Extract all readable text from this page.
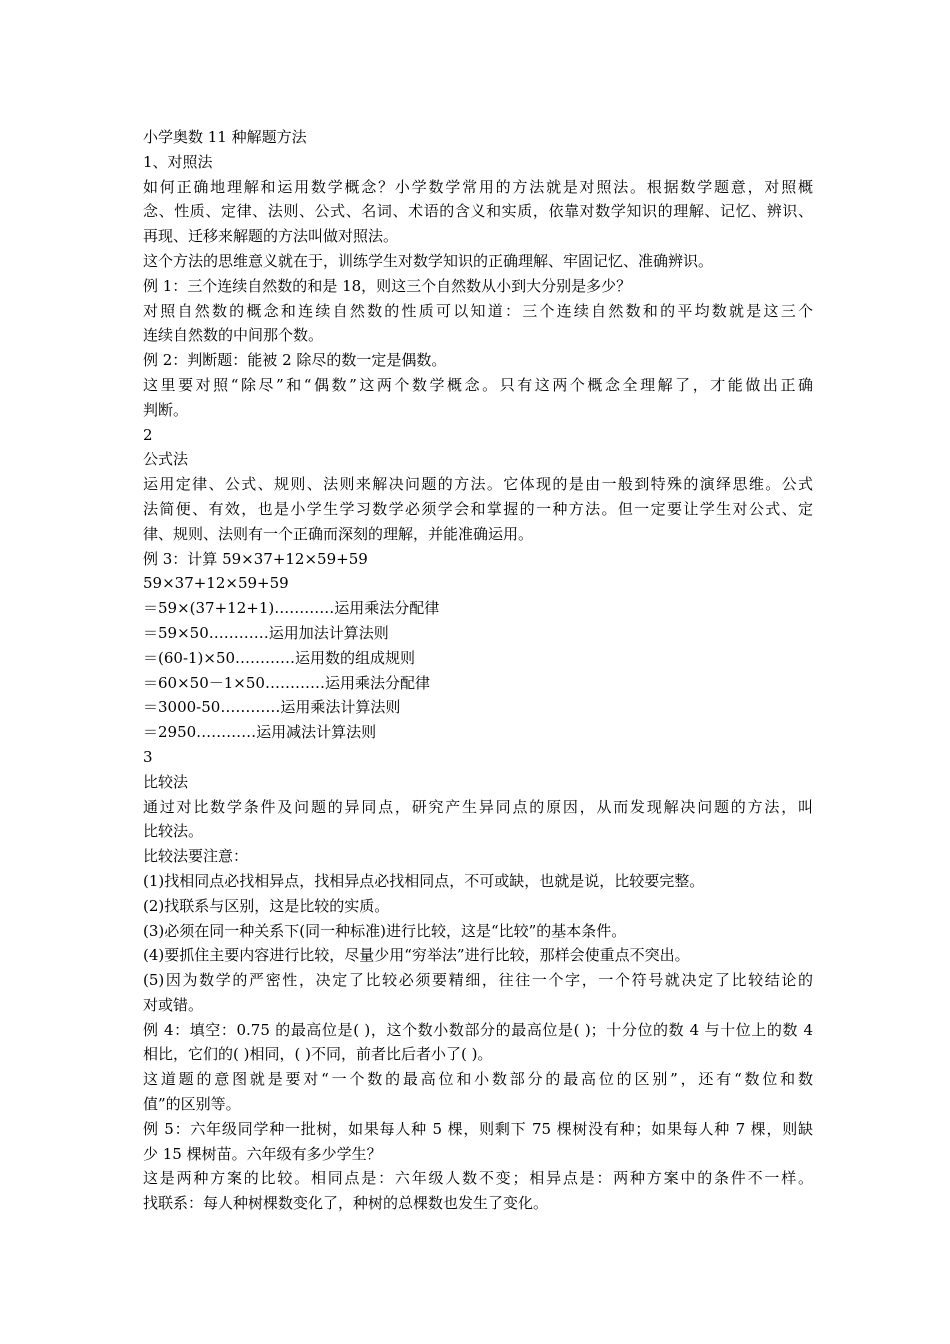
小学奥数 11 种解题方法
1、对照法
如何正确地理解和运用数学概念？小学数学常用的方法就是对照法。根据数学题意，对照概
念、性质、定律、法则、公式、名词、术语的含义和实质，依靠对数学知识的理解、记忆、辨识、
再现、迁移来解题的方法叫做对照法。
这个方法的思维意义就在于，训练学生对数学知识的正确理解、牢固记忆、准确辨识。
例 1：三个连续自然数的和是 18，则这三个自然数从小到大分别是多少？
对照自然数的概念和连续自然数的性质可以知道：三个连续自然数和的平均数就是这三个
连续自然数的中间那个数。
例 2：判断题：能被 2 除尽的数一定是偶数。
这里要对照“除尽”和“偶数”这两个数学概念。只有这两个概念全理解了，才能做出正确
判断。
2
公式法
运用定律、公式、规则、法则来解决问题的方法。它体现的是由一般到特殊的演绎思维。公式
法简便、有效，也是小学生学习数学必须学会和掌握的一种方法。但一定要让学生对公式、定
律、规则、法则有一个正确而深刻的理解，并能准确运用。
例 3：计算 59×37+12×59+59
59×37+12×59+59
＝59×(37+12+1)…………运用乘法分配律
＝59×50…………运用加法计算法则
＝(60-1)×50…………运用数的组成规则
＝60×50－1×50…………运用乘法分配律
＝3000-50…………运用乘法计算法则
＝2950…………运用减法计算法则
3
比较法
通过对比数学条件及问题的异同点，研究产生异同点的原因，从而发现解决问题的方法，叫
比较法。
比较法要注意：
(1)找相同点必找相异点，找相异点必找相同点，不可或缺，也就是说，比较要完整。
(2)找联系与区别，这是比较的实质。
(3)必须在同一种关系下(同一种标准)进行比较，这是“比较”的基本条件。
(4)要抓住主要内容进行比较，尽量少用“穷举法”进行比较，那样会使重点不突出。
(5)因为数学的严密性，决定了比较必须要精细，往往一个字，一个符号就决定了比较结论的
对或错。
例 4：填空：0.75 的最高位是( )，这个数小数部分的最高位是( )；十分位的数 4 与十位上的数 4
相比，它们的( )相同，( )不同，前者比后者小了( )。
这道题的意图就是要对“一个数的最高位和小数部分的最高位的区别”，还有“数位和数
值”的区别等。
例 5：六年级同学种一批树，如果每人种 5 棵，则剩下 75 棵树没有种；如果每人种 7 棵，则缺
少 15 棵树苗。六年级有多少学生？
这是两种方案的比较。相同点是：六年级人数不变；相异点是：两种方案中的条件不一样。
找联系：每人种树棵数变化了，种树的总棵数也发生了变化。
